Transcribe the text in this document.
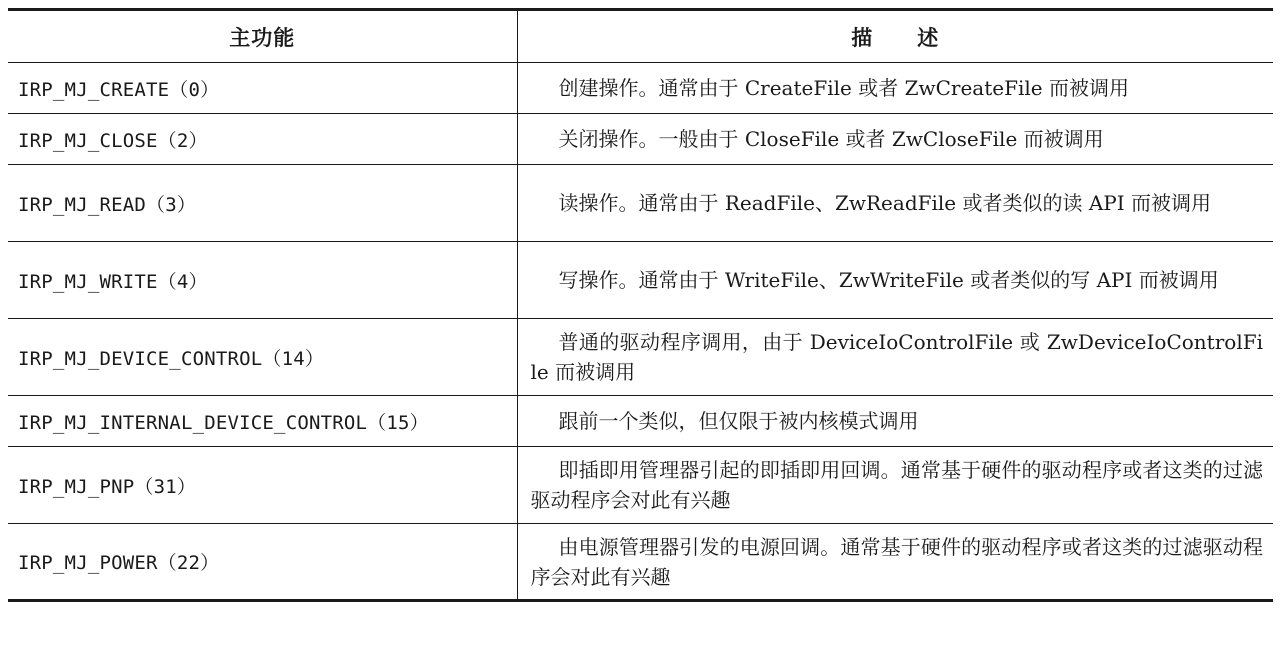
主功能	描　　述
IRP_MJ_CREATE（0）	创建操作。通常由于 CreateFile 或者 ZwCreateFile 而被调用
IRP_MJ_CLOSE（2）	关闭操作。一般由于 CloseFile 或者 ZwCloseFile 而被调用
IRP_MJ_READ（3）	读操作。通常由于 ReadFile、ZwReadFile 或者类似的读 API 而被调用
IRP_MJ_WRITE（4）	写操作。通常由于 WriteFile、ZwWriteFile 或者类似的写 API 而被调用
IRP_MJ_DEVICE_CONTROL（14）	普通的驱动程序调用，由于 DeviceIoControlFile 或 ZwDeviceIoControlFile 而被调用
IRP_MJ_INTERNAL_DEVICE_CONTROL（15）	跟前一个类似，但仅限于被内核模式调用
IRP_MJ_PNP（31）	即插即用管理器引起的即插即用回调。通常基于硬件的驱动程序或者这类的过滤驱动程序会对此有兴趣
IRP_MJ_POWER（22）	由电源管理器引发的电源回调。通常基于硬件的驱动程序或者这类的过滤驱动程序会对此有兴趣
